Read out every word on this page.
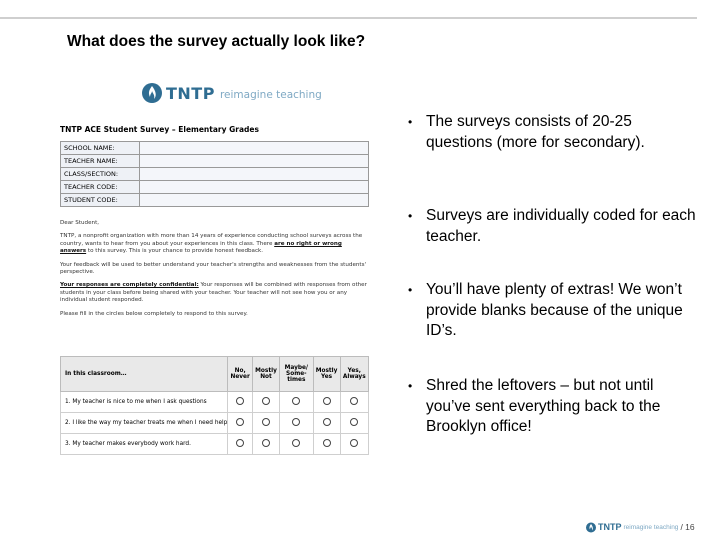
What does the survey actually look like?
TNTP reimagine teaching
TNTP ACE Student Survey – Elementary Grades
SCHOOL NAME:	
TEACHER NAME:	
CLASS/SECTION:	
TEACHER CODE:	
STUDENT CODE:	

Dear Student,

TNTP, a nonprofit organization with more than 14 years of experience conducting school surveys across the country, wants to hear from you about your experiences in this class. There are no right or wrong answers to this survey. This is your chance to provide honest feedback.

Your feedback will be used to better understand your teacher's strengths and weaknesses from the students' perspective.

Your responses are completely confidential: Your responses will be combined with responses from other students in your class before being shared with your teacher. Your teacher will not see how you or any individual student responded.

Please fill in the circles below completely to respond to this survey.

In this classroom…	No, Never	Mostly Not	Maybe/ Some-times	Mostly Yes	Yes, Always
1. My teacher is nice to me when I ask questions					
2. I like the way my teacher treats me when I need help					
3. My teacher makes everybody work hard.					
• The surveys consists of 20-25 questions (more for secondary).
• Surveys are individually coded for each teacher.
• You’ll have plenty of extras! We won’t provide blanks because of the unique ID’s.
• Shred the leftovers – but not until you’ve sent everything back to the Brooklyn office!
TNTP reimagine teaching / 16
